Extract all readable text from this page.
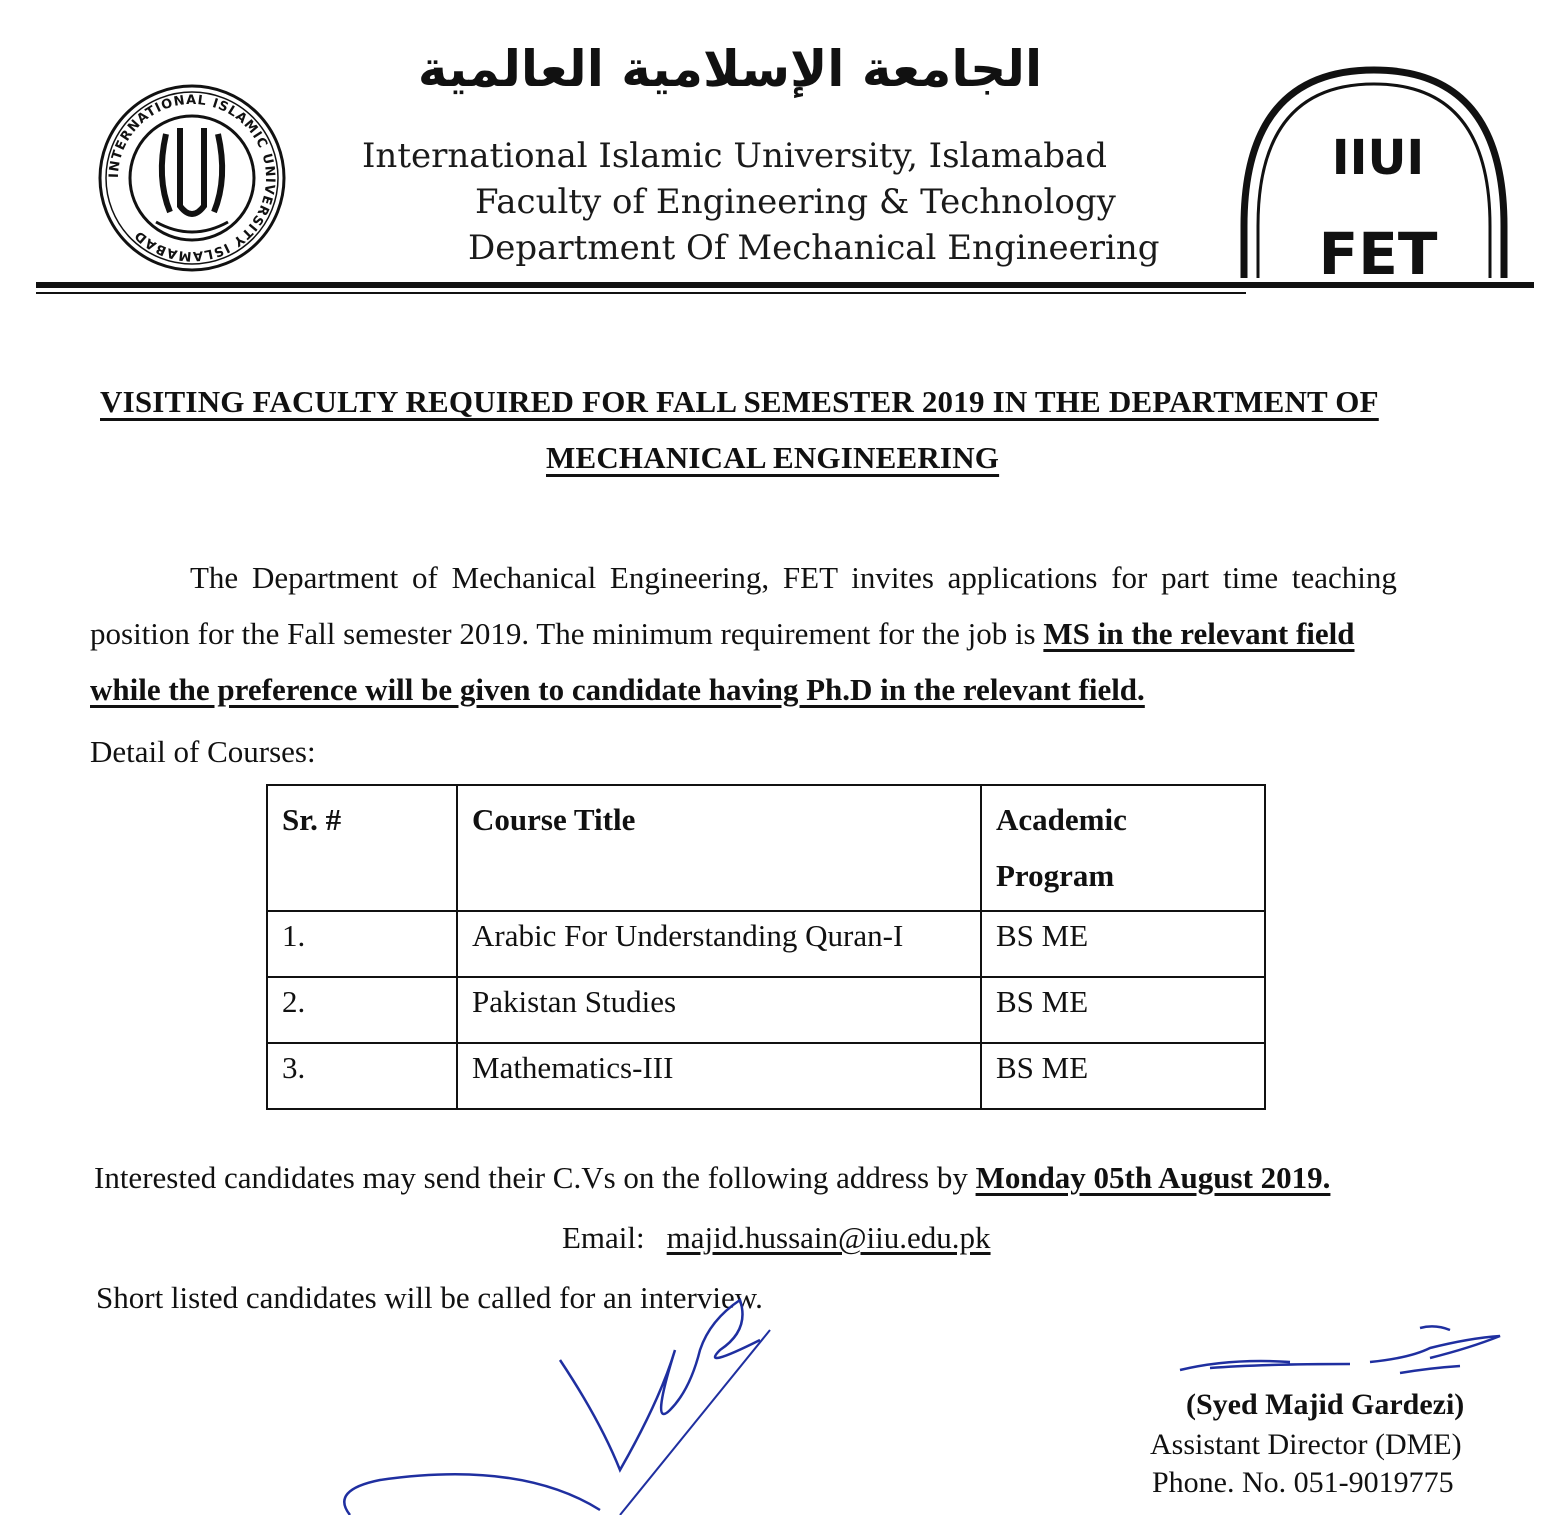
INTERNATIONAL ISLAMIC UNIVERSITY ISLAMABAD
الجامعة الإسلامية العالمية
International Islamic University, Islamabad
Faculty of Engineering & Technology
Department Of Mechanical Engineering
IIUI
FET
VISITING FACULTY REQUIRED FOR FALL SEMESTER 2019 IN THE DEPARTMENT OF
MECHANICAL ENGINEERING
The Department of Mechanical Engineering, FET invites applications for part time teaching
position for the Fall semester 2019. The minimum requirement for the job is MS in the relevant field
while the preference will be given to candidate having Ph.D in the relevant field.
Detail of Courses:
Sr. #	Course Title	Academic Program
1.	Arabic For Understanding Quran-I	BS ME
2.	Pakistan Studies	BS ME
3.	Mathematics-III	BS ME
Interested candidates may send their C.Vs on the following address by Monday 05th August 2019.
Email: majid.hussain@iiu.edu.pk
Short listed candidates will be called for an interview.
(Syed Majid Gardezi)
Assistant Director (DME)
Phone. No. 051-9019775
